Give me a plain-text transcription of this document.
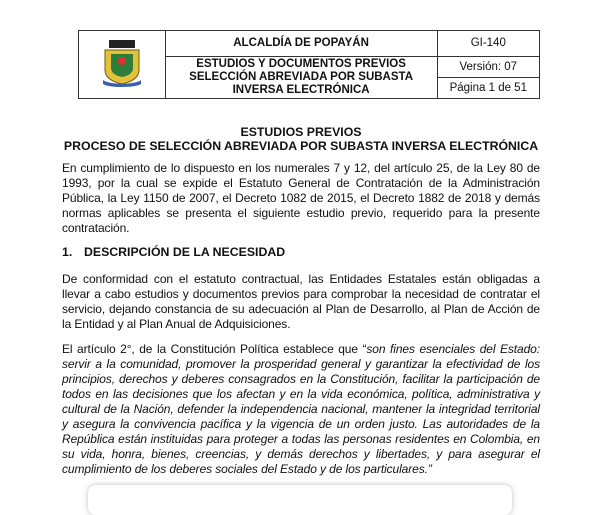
	ALCALDÍA DE POPAYÁN	GI-140
	ESTUDIOS Y DOCUMENTOS PREVIOS SELECCIÓN ABREVIADA POR SUBASTA INVERSA ELECTRÓNICA	Versión: 07
		Página 1 de 51
ESTUDIOS PREVIOS
PROCESO DE SELECCIÓN ABREVIADA POR SUBASTA INVERSA ELECTRÓNICA

En cumplimiento de lo dispuesto en los numerales 7 y 12, del artículo 25, de la Ley 80 de 1993, por la cual se expide el Estatuto General de Contratación de la Administración Pública, la Ley 1150 de 2007, el Decreto 1082 de 2015, el Decreto 1882 de 2018 y demás normas aplicables se presenta el siguiente estudio previo, requerido para la presente contratación.

1. DESCRIPCIÓN DE LA NECESIDAD

De conformidad con el estatuto contractual, las Entidades Estatales están obligadas a llevar a cabo estudios y documentos previos para comprobar la necesidad de contratar el servicio, dejando constancia de su adecuación al Plan de Desarrollo, al Plan de Acción de la Entidad y al Plan Anual de Adquisiciones.

El artículo 2°, de la Constitución Política establece que “son fines esenciales del Estado: servir a la comunidad, promover la prosperidad general y garantizar la efectividad de los principios, derechos y deberes consagrados en la Constitución, facilitar la participación de todos en las decisiones que los afectan y en la vida económica, política, administrativa y cultural de la Nación, defender la independencia nacional, mantener la integridad territorial y asegura la convivencia pacífica y la vigencia de un orden justo. Las autoridades de la República están instituidas para proteger a todas las personas residentes en Colombia, en su vida, honra, bienes, creencias, y demás derechos y libertades, y para asegurar el cumplimiento de los deberes sociales del Estado y de los particulares.”
